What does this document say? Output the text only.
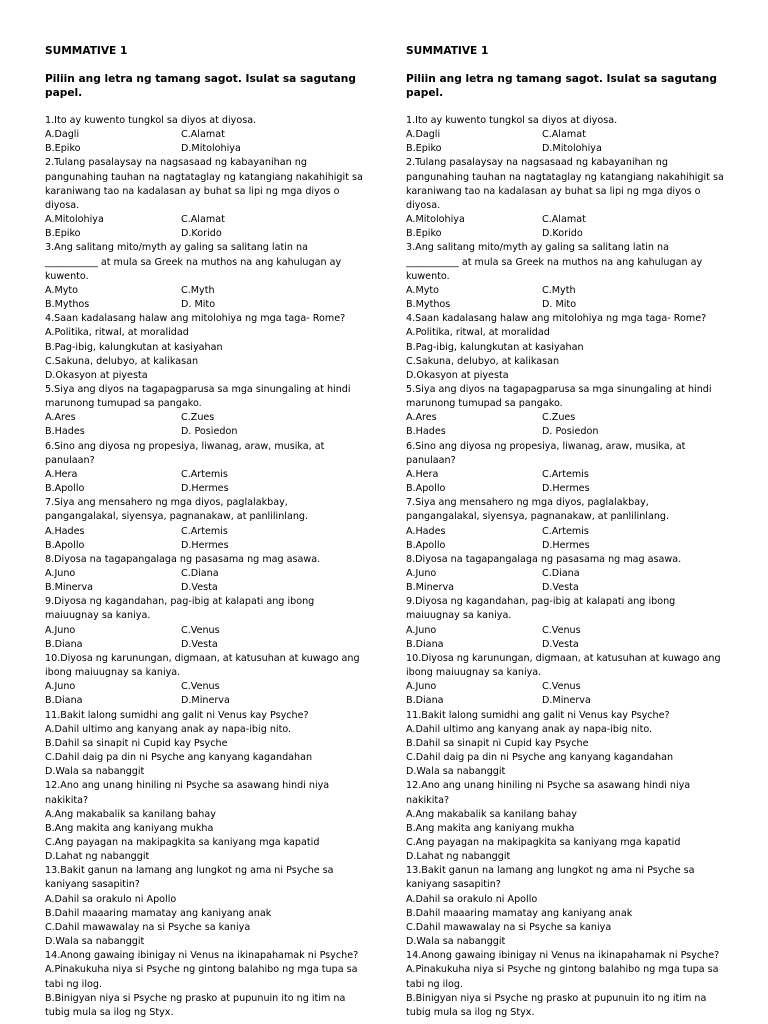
SUMMATIVE 1
Piliin ang letra ng tamang sagot. Isulat sa sagutang papel.
1.Ito ay kuwento tungkol sa diyos at diyosa.
A.Dagli	C.Alamat
B.Epiko	D.Mitolohiya
2.Tulang pasalaysay na nagsasaad ng kabayanihan ng pangunahing tauhan na nagtataglay ng katangiang nakahihigit sa karaniwang tao na kadalasan ay buhat sa lipi ng mga diyos o diyosa.
A.Mitolohiya	C.Alamat
B.Epiko	D.Korido
3.Ang salitang mito/myth ay galing sa salitang latin na ___________ at mula sa Greek na muthos na ang kahulugan ay kuwento.
A.Myto	C.Myth
B.Mythos	D. Mito
4.Saan kadalasang halaw ang mitolohiya ng mga taga- Rome?
A.Politika, ritwal, at moralidad
B.Pag-ibig, kalungkutan at kasiyahan
C.Sakuna, delubyo, at kalikasan
D.Okasyon at piyesta
5.Siya ang diyos na tagapagparusa sa mga sinungaling at hindi marunong tumupad sa pangako.
A.Ares	C.Zues
B.Hades	D. Posiedon
6.Sino ang diyosa ng propesiya, liwanag, araw, musika, at panulaan?
A.Hera	C.Artemis
B.Apollo	D.Hermes
7.Siya ang mensahero ng mga diyos, paglalakbay, pangangalakal, siyensya, pagnanakaw, at panlilinlang.
A.Hades	C.Artemis
B.Apollo	D.Hermes
8.Diyosa na tagapangalaga ng pasasama ng mag asawa.
A.Juno	C.Diana
B.Minerva	D.Vesta
9.Diyosa ng kagandahan, pag-ibig at kalapati ang ibong maiuugnay sa kaniya.
A.Juno	C.Venus
B.Diana	D.Vesta
10.Diyosa ng karunungan, digmaan, at katusuhan at kuwago ang ibong maiuugnay sa kaniya.
A.Juno	C.Venus
B.Diana	D.Minerva
11.Bakit lalong sumidhi ang galit ni Venus kay Psyche?
A.Dahil ultimo ang kanyang anak ay napa-ibig nito.
B.Dahil sa sinapit ni Cupid kay Psyche
C.Dahil daig pa din ni Psyche ang kanyang kagandahan
D.Wala sa nabanggit
12.Ano ang unang hiniling ni Psyche sa asawang hindi niya nakikita?
A.Ang makabalik sa kanilang bahay
B.Ang makita ang kaniyang mukha
C.Ang payagan na makipagkita sa kaniyang mga kapatid
D.Lahat ng nabanggit
13.Bakit ganun na lamang ang lungkot ng ama ni Psyche sa kaniyang sasapitin?
A.Dahil sa orakulo ni Apollo
B.Dahil maaaring mamatay ang kaniyang anak
C.Dahil mawawalay na si Psyche sa kaniya
D.Wala sa nabanggit
14.Anong gawaing ibinigay ni Venus na ikinapahamak ni Psyche?
A.Pinakukuha niya si Psyche ng gintong balahibo ng mga tupa sa tabi ng ilog.
B.Binigyan niya si Psyche ng prasko at pupunuin ito ng itim na tubig mula sa ilog ng Styx.
SUMMATIVE 1
Piliin ang letra ng tamang sagot. Isulat sa sagutang papel.
1.Ito ay kuwento tungkol sa diyos at diyosa.
A.Dagli	C.Alamat
B.Epiko	D.Mitolohiya
2.Tulang pasalaysay na nagsasaad ng kabayanihan ng pangunahing tauhan na nagtataglay ng katangiang nakahihigit sa karaniwang tao na kadalasan ay buhat sa lipi ng mga diyos o diyosa.
A.Mitolohiya	C.Alamat
B.Epiko	D.Korido
3.Ang salitang mito/myth ay galing sa salitang latin na ___________ at mula sa Greek na muthos na ang kahulugan ay kuwento.
A.Myto	C.Myth
B.Mythos	D. Mito
4.Saan kadalasang halaw ang mitolohiya ng mga taga- Rome?
A.Politika, ritwal, at moralidad
B.Pag-ibig, kalungkutan at kasiyahan
C.Sakuna, delubyo, at kalikasan
D.Okasyon at piyesta
5.Siya ang diyos na tagapagparusa sa mga sinungaling at hindi marunong tumupad sa pangako.
A.Ares	C.Zues
B.Hades	D. Posiedon
6.Sino ang diyosa ng propesiya, liwanag, araw, musika, at panulaan?
A.Hera	C.Artemis
B.Apollo	D.Hermes
7.Siya ang mensahero ng mga diyos, paglalakbay, pangangalakal, siyensya, pagnanakaw, at panlilinlang.
A.Hades	C.Artemis
B.Apollo	D.Hermes
8.Diyosa na tagapangalaga ng pasasama ng mag asawa.
A.Juno	C.Diana
B.Minerva	D.Vesta
9.Diyosa ng kagandahan, pag-ibig at kalapati ang ibong maiuugnay sa kaniya.
A.Juno	C.Venus
B.Diana	D.Vesta
10.Diyosa ng karunungan, digmaan, at katusuhan at kuwago ang ibong maiuugnay sa kaniya.
A.Juno	C.Venus
B.Diana	D.Minerva
11.Bakit lalong sumidhi ang galit ni Venus kay Psyche?
A.Dahil ultimo ang kanyang anak ay napa-ibig nito.
B.Dahil sa sinapit ni Cupid kay Psyche
C.Dahil daig pa din ni Psyche ang kanyang kagandahan
D.Wala sa nabanggit
12.Ano ang unang hiniling ni Psyche sa asawang hindi niya nakikita?
A.Ang makabalik sa kanilang bahay
B.Ang makita ang kaniyang mukha
C.Ang payagan na makipagkita sa kaniyang mga kapatid
D.Lahat ng nabanggit
13.Bakit ganun na lamang ang lungkot ng ama ni Psyche sa kaniyang sasapitin?
A.Dahil sa orakulo ni Apollo
B.Dahil maaaring mamatay ang kaniyang anak
C.Dahil mawawalay na si Psyche sa kaniya
D.Wala sa nabanggit
14.Anong gawaing ibinigay ni Venus na ikinapahamak ni Psyche?
A.Pinakukuha niya si Psyche ng gintong balahibo ng mga tupa sa tabi ng ilog.
B.Binigyan niya si Psyche ng prasko at pupunuin ito ng itim na tubig mula sa ilog ng Styx.
